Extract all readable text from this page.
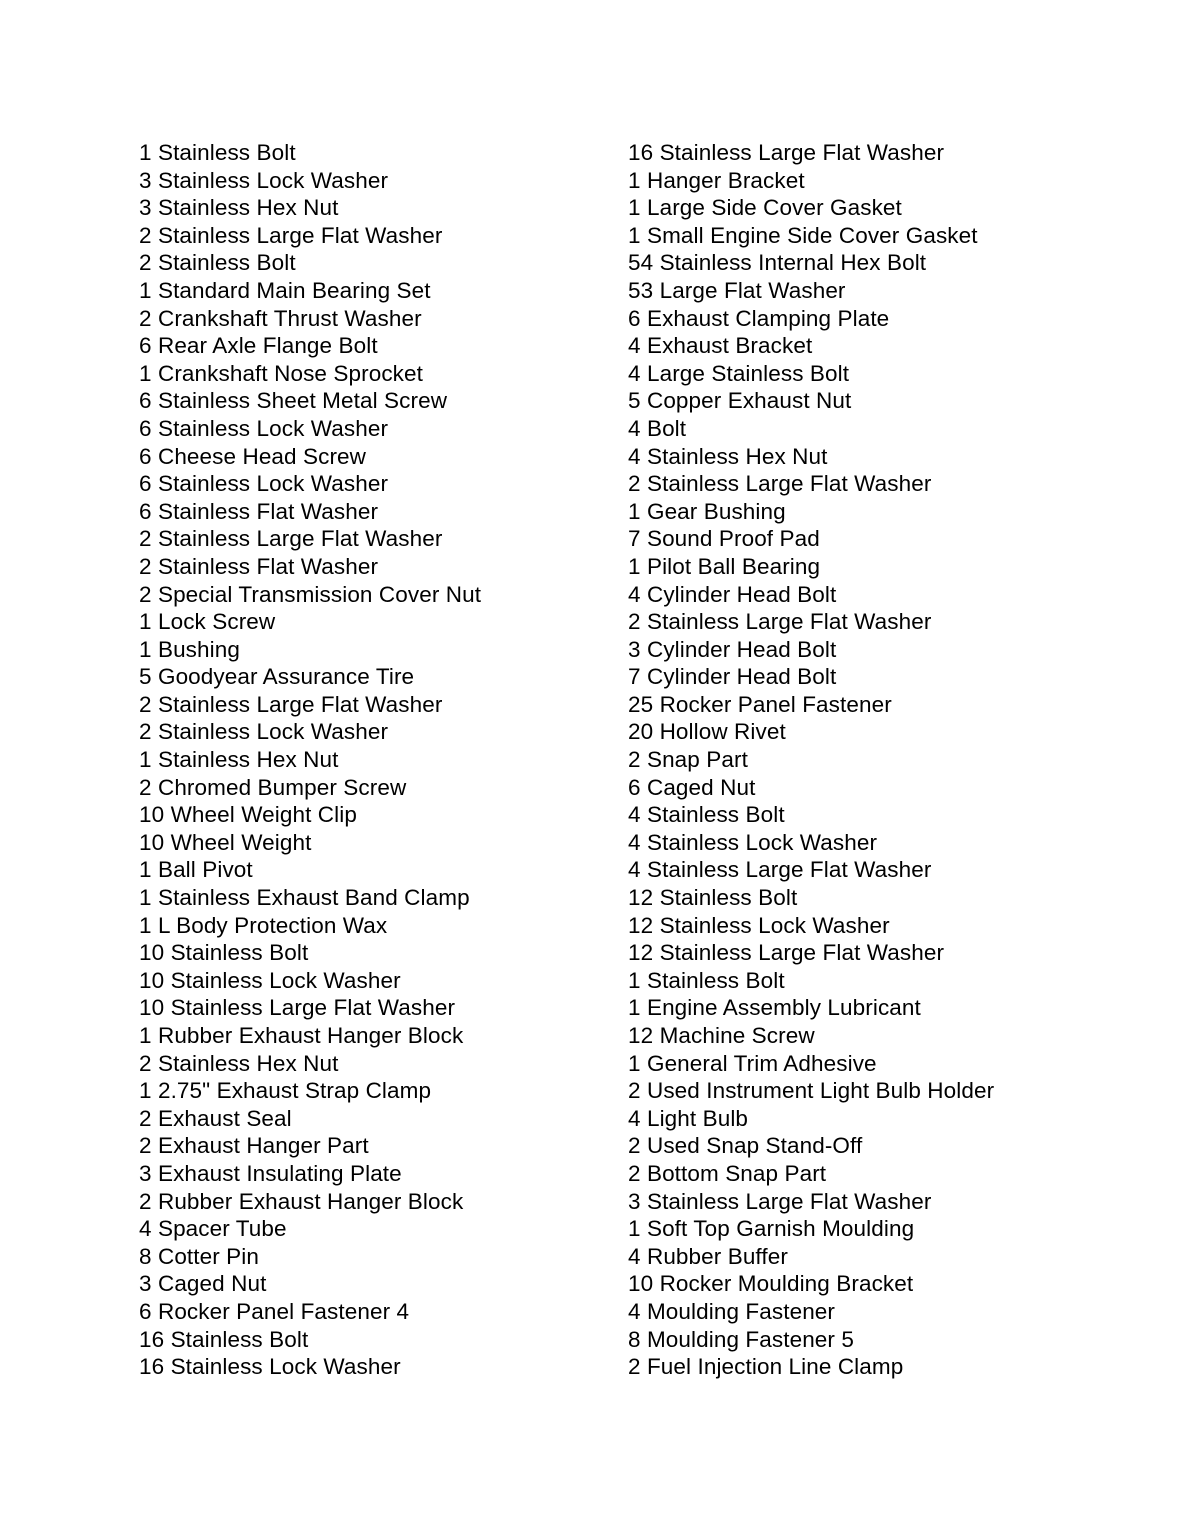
1 Stainless Bolt
3 Stainless Lock Washer
3 Stainless Hex Nut
2 Stainless Large Flat Washer
2 Stainless Bolt
1 Standard Main Bearing Set
2 Crankshaft Thrust Washer
6 Rear Axle Flange Bolt
1 Crankshaft Nose Sprocket
6 Stainless Sheet Metal Screw
6 Stainless Lock Washer
6 Cheese Head Screw
6 Stainless Lock Washer
6 Stainless Flat Washer
2 Stainless Large Flat Washer
2 Stainless Flat Washer
2 Special Transmission Cover Nut
1 Lock Screw
1 Bushing
5 Goodyear Assurance Tire
2 Stainless Large Flat Washer
2 Stainless Lock Washer
1 Stainless Hex Nut
2 Chromed Bumper Screw
10 Wheel Weight Clip
10 Wheel Weight
1 Ball Pivot
1 Stainless Exhaust Band Clamp
1 L Body Protection Wax
10 Stainless Bolt
10 Stainless Lock Washer
10 Stainless Large Flat Washer
1 Rubber Exhaust Hanger Block
2 Stainless Hex Nut
1 2.75" Exhaust Strap Clamp
2 Exhaust Seal
2 Exhaust Hanger Part
3 Exhaust Insulating Plate
2 Rubber Exhaust Hanger Block
4 Spacer Tube
8 Cotter Pin
3 Caged Nut
6 Rocker Panel Fastener 4
16 Stainless Bolt
16 Stainless Lock Washer
16 Stainless Large Flat Washer
1 Hanger Bracket
1 Large Side Cover Gasket
1 Small Engine Side Cover Gasket
54 Stainless Internal Hex Bolt
53 Large Flat Washer
6 Exhaust Clamping Plate
4 Exhaust Bracket
4 Large Stainless Bolt
5 Copper Exhaust Nut
4 Bolt
4 Stainless Hex Nut
2 Stainless Large Flat Washer
1 Gear Bushing
7 Sound Proof Pad
1 Pilot Ball Bearing
4 Cylinder Head Bolt
2 Stainless Large Flat Washer
3 Cylinder Head Bolt
7 Cylinder Head Bolt
25 Rocker Panel Fastener
20 Hollow Rivet
2 Snap Part
6 Caged Nut
4 Stainless Bolt
4 Stainless Lock Washer
4 Stainless Large Flat Washer
12 Stainless Bolt
12 Stainless Lock Washer
12 Stainless Large Flat Washer
1 Stainless Bolt
1 Engine Assembly Lubricant
12 Machine Screw
1 General Trim Adhesive
2 Used Instrument Light Bulb Holder
4 Light Bulb
2 Used Snap Stand-Off
2 Bottom Snap Part
3 Stainless Large Flat Washer
1 Soft Top Garnish Moulding
4 Rubber Buffer
10 Rocker Moulding Bracket
4 Moulding Fastener
8 Moulding Fastener 5
2 Fuel Injection Line Clamp
